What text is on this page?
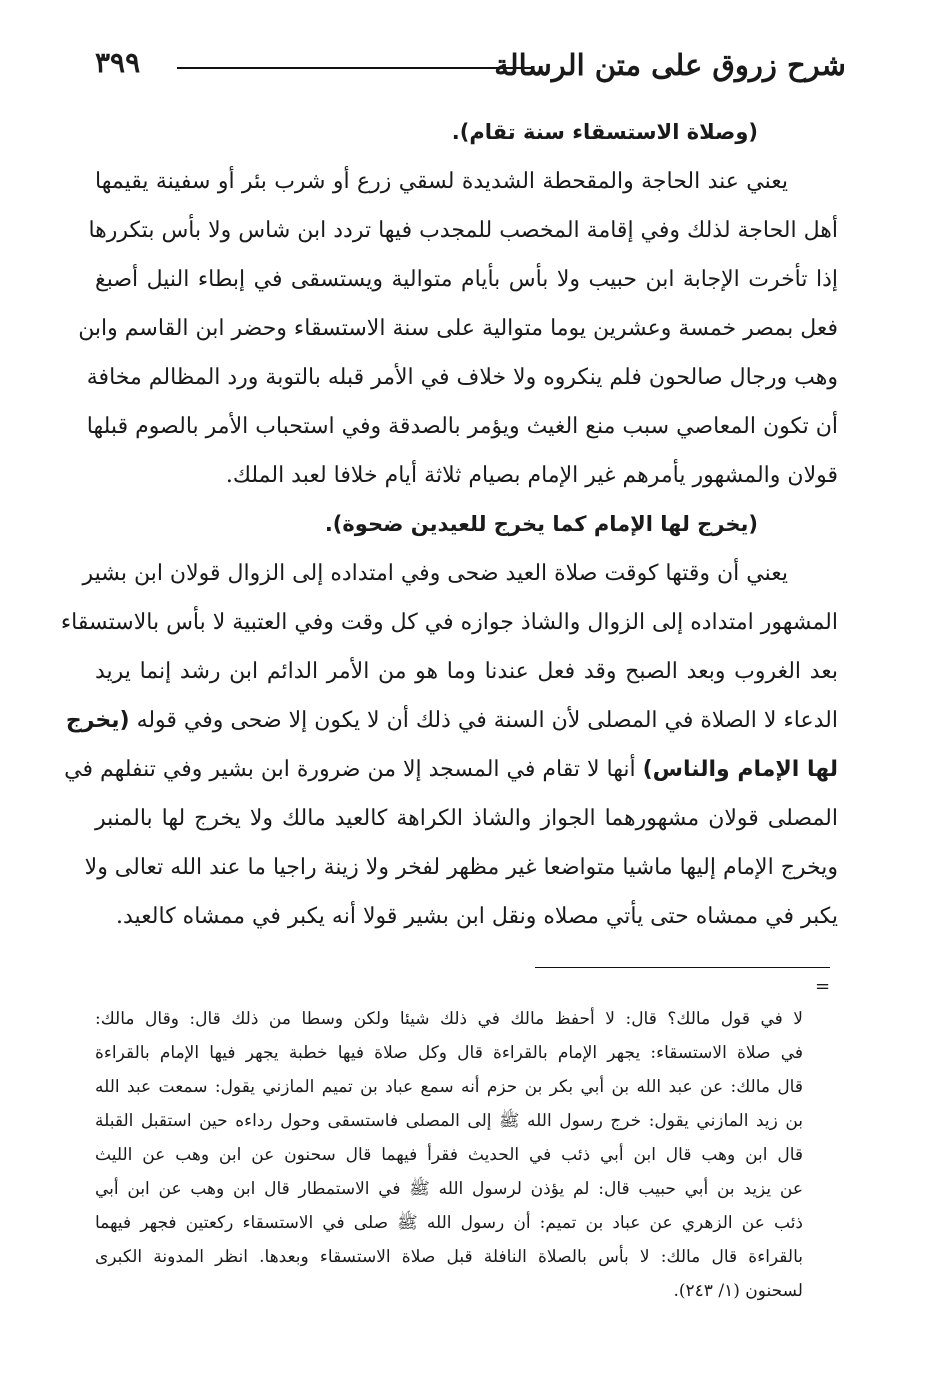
٣٩٩	شرح زروق على متن الرسالة
(وصلاة الاستسقاء سنة تقام).
يعني عند الحاجة والمقحطة الشديدة لسقي زرع أو شرب بئر أو سفينة يقيمها
أهل الحاجة لذلك وفي إقامة المخصب للمجدب فيها تردد ابن شاس ولا بأس بتكررها
إذا تأخرت الإجابة ابن حبيب ولا بأس بأيام متوالية ويستسقى في إبطاء النيل أصبغ
فعل بمصر خمسة وعشرين يوما متوالية على سنة الاستسقاء وحضر ابن القاسم وابن
وهب ورجال صالحون فلم ينكروه ولا خلاف في الأمر قبله بالتوبة ورد المظالم مخافة
أن تكون المعاصي سبب منع الغيث ويؤمر بالصدقة وفي استحباب الأمر بالصوم قبلها
قولان والمشهور يأمرهم غير الإمام بصيام ثلاثة أيام خلافا لعبد الملك.
(يخرج لها الإمام كما يخرج للعيدين ضحوة).
يعني أن وقتها كوقت صلاة العيد ضحى وفي امتداده إلى الزوال قولان ابن بشير
المشهور امتداده إلى الزوال والشاذ جوازه في كل وقت وفي العتبية لا بأس بالاستسقاء
بعد الغروب وبعد الصبح وقد فعل عندنا وما هو من الأمر الدائم ابن رشد إنما يريد
الدعاء لا الصلاة في المصلى لأن السنة في ذلك أن لا يكون إلا ضحى وفي قوله (يخرج
لها الإمام والناس) أنها لا تقام في المسجد إلا من ضرورة ابن بشير وفي تنفلهم في
المصلى قولان مشهورهما الجواز والشاذ الكراهة كالعيد مالك ولا يخرج لها بالمنبر
ويخرج الإمام إليها ماشيا متواضعا غير مظهر لفخر ولا زينة راجيا ما عند الله تعالى ولا
يكبر في ممشاه حتى يأتي مصلاه ونقل ابن بشير قولا أنه يكبر في ممشاه كالعيد.
=
لا في قول مالك؟ قال: لا أحفظ مالك في ذلك شيئا ولكن وسطا من ذلك قال: وقال مالك:
في صلاة الاستسقاء: يجهر الإمام بالقراءة قال وكل صلاة فيها خطبة يجهر فيها الإمام بالقراءة
قال مالك: عن عبد الله بن أبي بكر بن حزم أنه سمع عباد بن تميم المازني يقول: سمعت عبد الله
بن زيد المازني يقول: خرج رسول الله ﷺ إلى المصلى فاستسقى وحول رداءه حين استقبل القبلة
قال ابن وهب قال ابن أبي ذئب في الحديث فقرأ فيهما قال سحنون عن ابن وهب عن الليث
عن يزيد بن أبي حبيب قال: لم يؤذن لرسول الله ﷺ في الاستمطار قال ابن وهب عن ابن أبي
ذئب عن الزهري عن عباد بن تميم: أن رسول الله ﷺ صلى في الاستسقاء ركعتين فجهر فيهما
بالقراءة قال مالك: لا بأس بالصلاة النافلة قبل صلاة الاستسقاء وبعدها. انظر المدونة الكبرى
لسحنون (١/ ٢٤٣).
